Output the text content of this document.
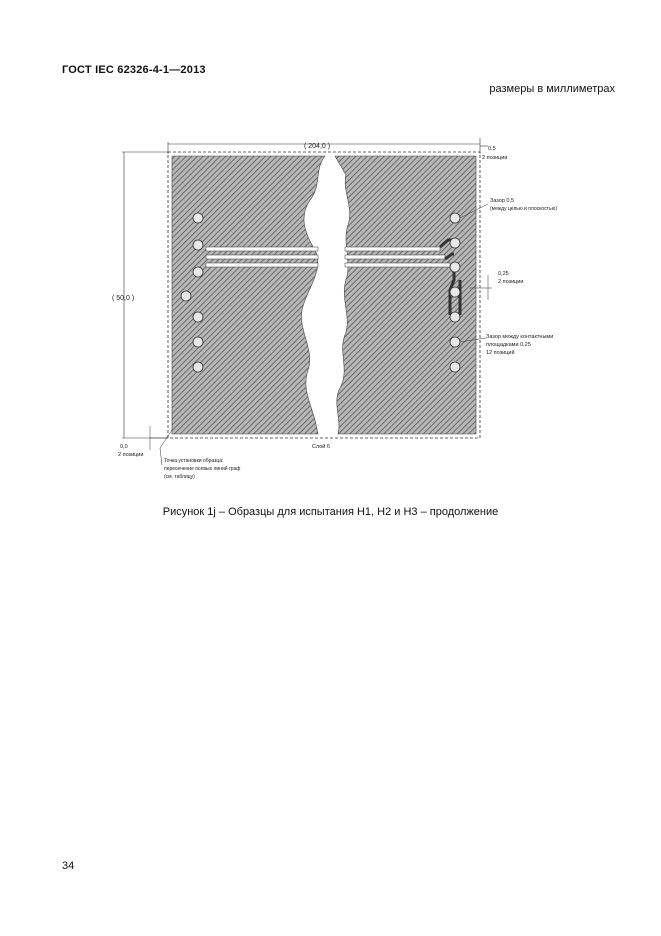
ГОСТ IEC 62326-4-1—2013
размеры в миллиметрах
( 204,0 )
( 50,0 )
0,5
2 позиции
Зазор 0,5
(между цепью и плоскостью)
0,25
2 позиции
Зазор между контактными
площадками 0,25
12 позиций
0,0
2 позиции
Точка установки образца:
пересечение осевых линий граф
(см. таблицу)
Слой 6
Рисунок 1j – Образцы для испытания H1, H2 и H3 – продолжение
34
